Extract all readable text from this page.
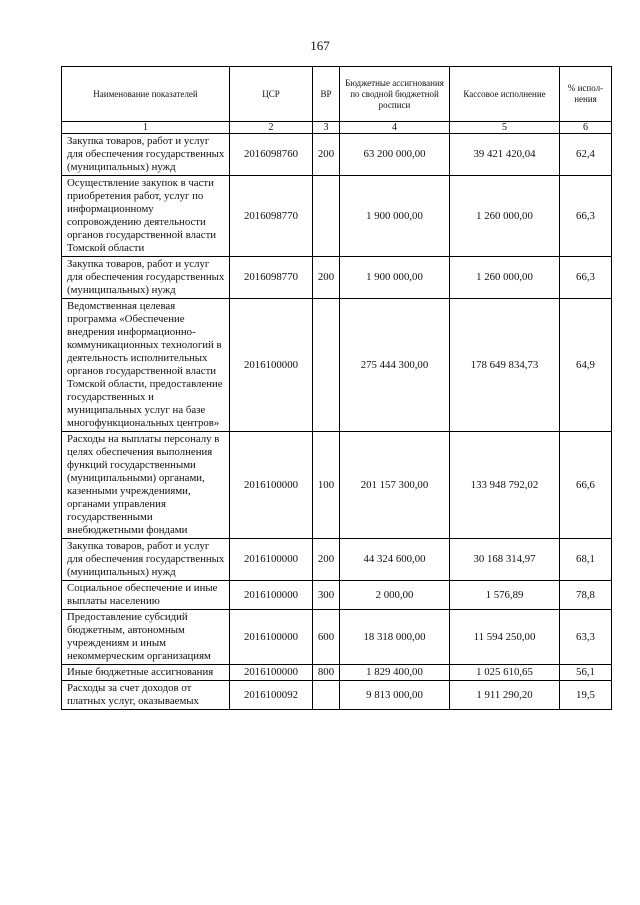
167
Наименование показателей	ЦСР	ВР	Бюджетные ассигнования по сводной бюджетной росписи	Кассовое исполнение	% испол-нения
1	2	3	4	5	6
Закупка товаров, работ и услуг для обеспечения государственных (муниципальных) нужд	2016098760	200	63 200 000,00	39 421 420,04	62,4
Осуществление закупок в части приобретения работ, услуг по информационному сопровождению деятельности органов государственной власти Томской области	2016098770		1 900 000,00	1 260 000,00	66,3
Закупка товаров, работ и услуг для обеспечения государственных (муниципальных) нужд	2016098770	200	1 900 000,00	1 260 000,00	66,3
Ведомственная целевая программа «Обеспечение внедрения информационно-коммуникационных технологий в деятельность исполнительных органов государственной власти Томской области, предоставление государственных и муниципальных услуг на базе многофункциональных центров»	2016100000		275 444 300,00	178 649 834,73	64,9
Расходы на выплаты персоналу в целях обеспечения выполнения функций государственными (муниципальными) органами, казенными учреждениями, органами управления государственными внебюджетными фондами	2016100000	100	201 157 300,00	133 948 792,02	66,6
Закупка товаров, работ и услуг для обеспечения государственных (муниципальных) нужд	2016100000	200	44 324 600,00	30 168 314,97	68,1
Социальное обеспечение и иные выплаты населению	2016100000	300	2 000,00	1 576,89	78,8
Предоставление субсидий бюджетным, автономным учреждениям и иным некоммерческим организациям	2016100000	600	18 318 000,00	11 594 250,00	63,3
Иные бюджетные ассигнования	2016100000	800	1 829 400,00	1 025 610,65	56,1
Расходы за счет доходов от платных услуг, оказываемых	2016100092		9 813 000,00	1 911 290,20	19,5
